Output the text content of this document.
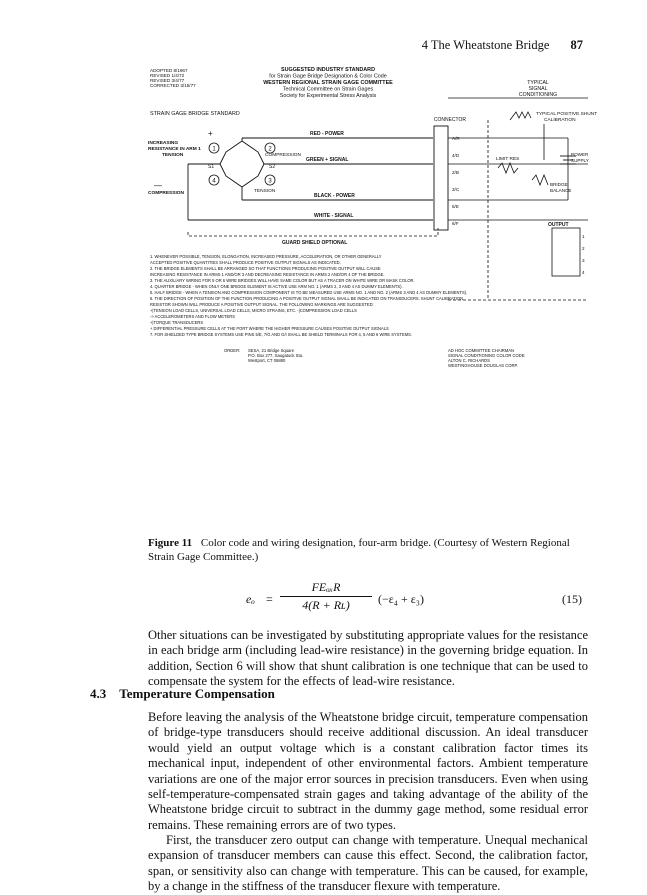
4 The Wheatstone Bridge 87
ADOPTED 8/1967
REVISED 1/4/72
REVISED 3/4/77
CORRECTED 3/15/77
SUGGESTED INDUSTRY STANDARD
for Strain Gage Bridge Designation & Color Code
WESTERN REGIONAL STRAIN GAGE COMMITTEE
Technical Committee on Strain Gages
Society for Experimental Stress Analysis
TYPICAL
SIGNAL
CONDITIONING
STRAIN GAGE BRIDGE STANDARD
CONNECTOR
TYPICAL POSITIVE SHUNT
CALIBRATION
INCREASING
RESISTANCE IN ARM 1
TENSION
+
—
1	2
3
4
S1	S2
COMPRESSION
TENSION
COMPRESSION
RED - POWER
GREEN + SIGNAL
BLACK - POWER
WHITE - SIGNAL
GUARD SHIELD OPTIONAL
A/R
4/D
2/B
3/C
5/E
6/F
LIMIT RES
POWER
SUPPLY
BRIDGE
BALANCE
OUTPUT
1
2
3
4
1. WHENEVER POSSIBLE, TENSION, ELONGATION, INCREASED PRESSURE, ACCELERATION, OR OTHER GENERALLY
ACCEPTED POSITIVE QUANTITIES SHALL PRODUCE POSITIVE OUTPUT SIGNALS AS INDICATED.
2. THE BRIDGE ELEMENTS SHALL BE ARRANGED SO THAT FUNCTIONS PRODUCING POSITIVE OUTPUT WILL CAUSE
INCREASING RESISTANCE IN ARMS 1 AND/OR 3 AND DECREASING RESISTANCE IN ARMS 2 AND/OR 4 OF THE BRIDGE.
3. THE AUXILIARY WIRING FOR 5 OR 6 WIRE BRIDGES WILL HAVE SAME COLOR BUT AS A TRACER ON WHITE WIRE OR MASK COLOR.
4. QUARTER BRIDGE - WHEN ONLY ONE BRIDGE ELEMENT IS ACTIVE USE ARM NO. 1 (ARMS 2, 3 AND 4 AS DUMMY ELEMENTS).
5. HALF BRIDGE - WHEN A TENSION AND COMPRESSION COMPONENT IS TO BE MEASURED USE ARMS NO. 1 AND NO. 2 (ARMS 3 AND 4 AS DUMMY ELEMENTS).
6. THE DIRECTION OF POSITION OF THE FUNCTION PRODUCING A POSITIVE OUTPUT SIGNAL SHALL BE INDICATED ON TRANSDUCERS. SHUNT CALIBRATION
RESISTOR SHOWN WILL PRODUCE A POSITIVE OUTPUT SIGNAL. THE FOLLOWING MARKINGS ARE SUGGESTED:
+|TENSION LOAD CELLS, UNIVERSAL LOAD CELLS, MICRO STRAINS, ETC. -|COMPRESSION LOAD CELLS
-> ACCELEROMETERS AND FLOW METERS
+|TORQUE TRANSDUCERS
+ DIFFERENTIAL PRESSURE CELLS AT THE PORT WHERE THE HIGHER PRESSURE CAUSES POSITIVE OUTPUT SIGNALS
7. FOR SHIELDED TYPE BRIDGE SYSTEMS USE PINS 5/E, 7/G AND G/I SHALL BE SHIELD TERMINALS FOR 4, 5 AND 6 WIRE SYSTEMS.
ORDER: SESA, 21 Bridge Square
P.O. Box 277, Saugatuck Sta.
Westport, CT 06880
AD HOC COMMITTEE CHAIRMAN
SIGNAL CONDITIONING COLOR CODE
ALTON C. RICHARDS
WESTINGHOUSE DOUGLAS CORP.
Figure 11 Color code and wiring designation, four-arm bridge. (Courtesy of Western Regional Strain Gage Committee.)
eₒ =
FEₒₓR
4(R + Rʟ)	(−ε₄ + ε₃)	(15)

Other situations can be investigated by substituting appropriate values for the resistance in each bridge arm (including lead-wire resistance) in the governing bridge equation. In addition, Section 6 will show that shunt calibration is one technique that can be used to compensate the system for the effects of lead-wire resistance.

4.3 Temperature Compensation

Before leaving the analysis of the Wheatstone bridge circuit, temperature compensation of bridge-type transducers should receive additional discussion. An ideal transducer would yield an output voltage which is a constant calibration factor times its mechanical input, independent of other environmental factors. Ambient temperature variations are one of the major error sources in precision transducers. Even when using self-temperature-compensated strain gages and taking advantage of the ability of the Wheatstone bridge circuit to subtract in the dummy gage method, some residual error remains. These remaining errors are of two types.

First, the transducer zero output can change with temperature. Unequal mechanical expansion of transducer members can cause this effect. Second, the calibration factor, span, or sensitivity also can change with temperature. This can be caused, for example, by a change in the stiffness of the transducer flexure with temperature.
